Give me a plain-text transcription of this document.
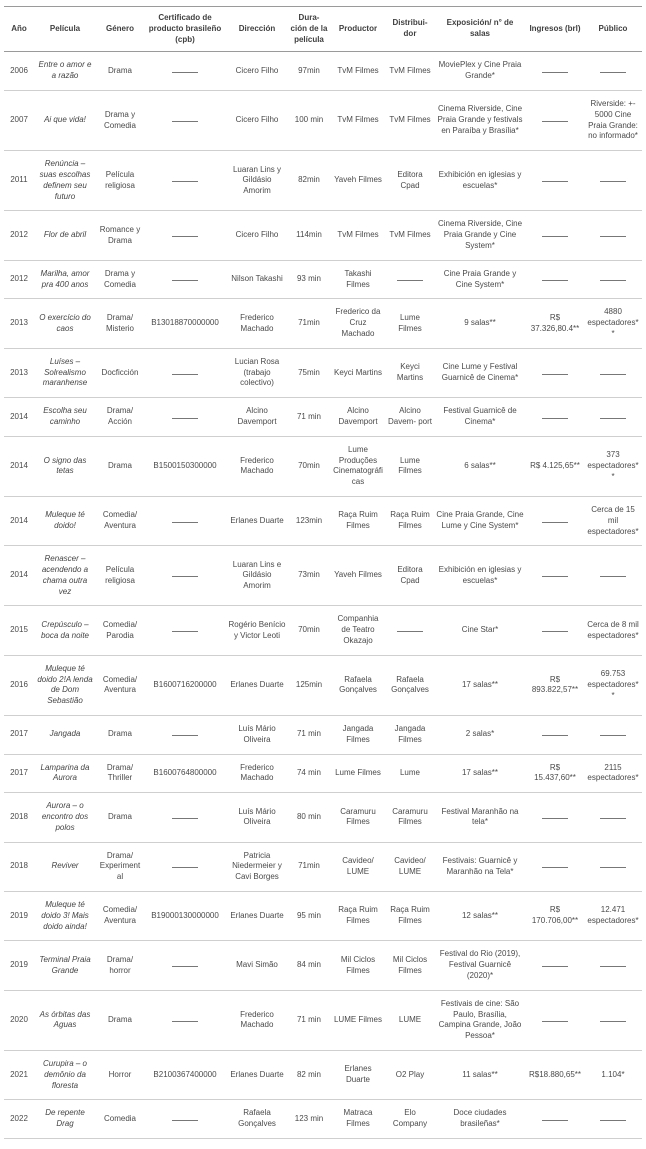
Año	Película	Género	Certificado de producto brasileño (cpb)	Dirección	Dura- ción de la película	Productor	Distribui- dor	Exposición/ n° de salas	Ingresos (brl)	Público
2006	Entre o amor e a razão	Drama		Cicero Filho	97min	TvM Filmes	TvM Filmes	MoviePlex y Cine Praia Grande*		
2007	Ai que vida!	Drama y Comedia		Cicero Filho	100 min	TvM Filmes	TvM Filmes	Cinema Riverside, Cine Praia Grande y festivals en Paraíba y Brasília*		Riverside: +- 5000 Cine Praia Grande: no informado*
2011	Renúncia – suas escolhas definem seu futuro	Película religiosa		Luaran Lins y Gildásio Amorim	82min	Yaveh Filmes	Editora Cpad	Exhibición en iglesias y escuelas*		
2012	Flor de abril	Romance y Drama		Cicero Filho	114min	TvM Filmes	TvM Filmes	Cinema Riverside, Cine Praia Grande y Cine System*		
2012	Marilha, amor pra 400 anos	Drama y Comedia		Nilson Takashi	93 min	Takashi Filmes		Cine Praia Grande y Cine System*		
2013	O exercício do caos	Drama/ Misterio	B13018870000000	Frederico Machado	71min	Frederico da Cruz Machado	Lume Filmes	9 salas**	R$ 37.326,80.4**	4880 espectadores**
2013	Luíses – Solrealismo maranhense	Docficción		Lucian Rosa (trabajo colectivo)	75min	Keyci Martins	Keyci Martins	Cine Lume y Festival Guarnicê de Cinema*		
2014	Escolha seu caminho	Drama/ Acción		Alcino Davemport	71 min	Alcino Davemport	Alcino Davem- port	Festival Guarnicê de Cinema*		
2014	O signo das tetas	Drama	B1500150300000	Frederico Machado	70min	Lume Produções Cinematográficas	Lume Filmes	6 salas**	R$ 4.125,65**	373 espectadores**
2014	Muleque té doido!	Comedia/ Aventura		Erlanes Duarte	123min	Raça Ruim Filmes	Raça Ruim Filmes	Cine Praia Grande, Cine Lume y Cine System*		Cerca de 15 mil espectadores*
2014	Renascer – acendendo a chama outra vez	Película religiosa		Luaran Lins e Gildásio Amorim	73min	Yaveh Filmes	Editora Cpad	Exhibición en iglesias y escuelas*		
2015	Crepúsculo – boca da noite	Comedia/ Parodia		Rogério Benício y Victor Leoti	70min	Companhia de Teatro Okazajo		Cine Star*		Cerca de 8 mil espectadores*
2016	Muleque té doido 2!A lenda de Dom Sebastião	Comedia/ Aventura	B1600716200000	Erlanes Duarte	125min	Rafaela Gonçalves	Rafaela Gonçalves	17 salas**	R$ 893.822,57**	69.753 espectadores**
2017	Jangada	Drama		Luís Mário Oliveira	71 min	Jangada Filmes	Jangada Filmes	2 salas*		
2017	Lamparina da Aurora	Drama/ Thriller	B1600764800000	Frederico Machado	74 min	Lume Filmes	Lume	17 salas**	R$ 15.437,60**	2115 espectadores*
2018	Aurora – o encontro dos polos	Drama		Luís Mário Oliveira	80 min	Caramuru Filmes	Caramuru Filmes	Festival Maranhão na tela*		
2018	Reviver	Drama/ Experimental		Patricia Niedermeier y Cavi Borges	71min	Cavideo/ LUME	Cavideo/ LUME	Festivais: Guarnicê y Maranhão na Tela*		
2019	Muleque té doido 3! Mais doido ainda!	Comedia/ Aventura	B19000130000000	Erlanes Duarte	95 min	Raça Ruim Filmes	Raça Ruim Filmes	12 salas**	R$ 170.706,00**	12.471 espectadores*
2019	Terminal Praia Grande	Drama/ horror		Mavi Simão	84 min	Mil Ciclos Filmes	Mil Ciclos Filmes	Festival do Rio (2019), Festival Guarnicê (2020)*		
2020	As órbitas das Aguas	Drama		Frederico Machado	71 min	LUME Filmes	LUME	Festivais de cine: São Paulo, Brasília, Campina Grande, João Pessoa*		
2021	Curupira – o demônio da floresta	Horror	B2100367400000	Erlanes Duarte	82 min	Erlanes Duarte	O2 Play	11 salas**	R$18.880,65**	1.104*
2022	De repente Drag	Comedia		Rafaela Gonçalves	123 min	Matraca Filmes	Elo Company	Doce ciudades brasileñas*		
